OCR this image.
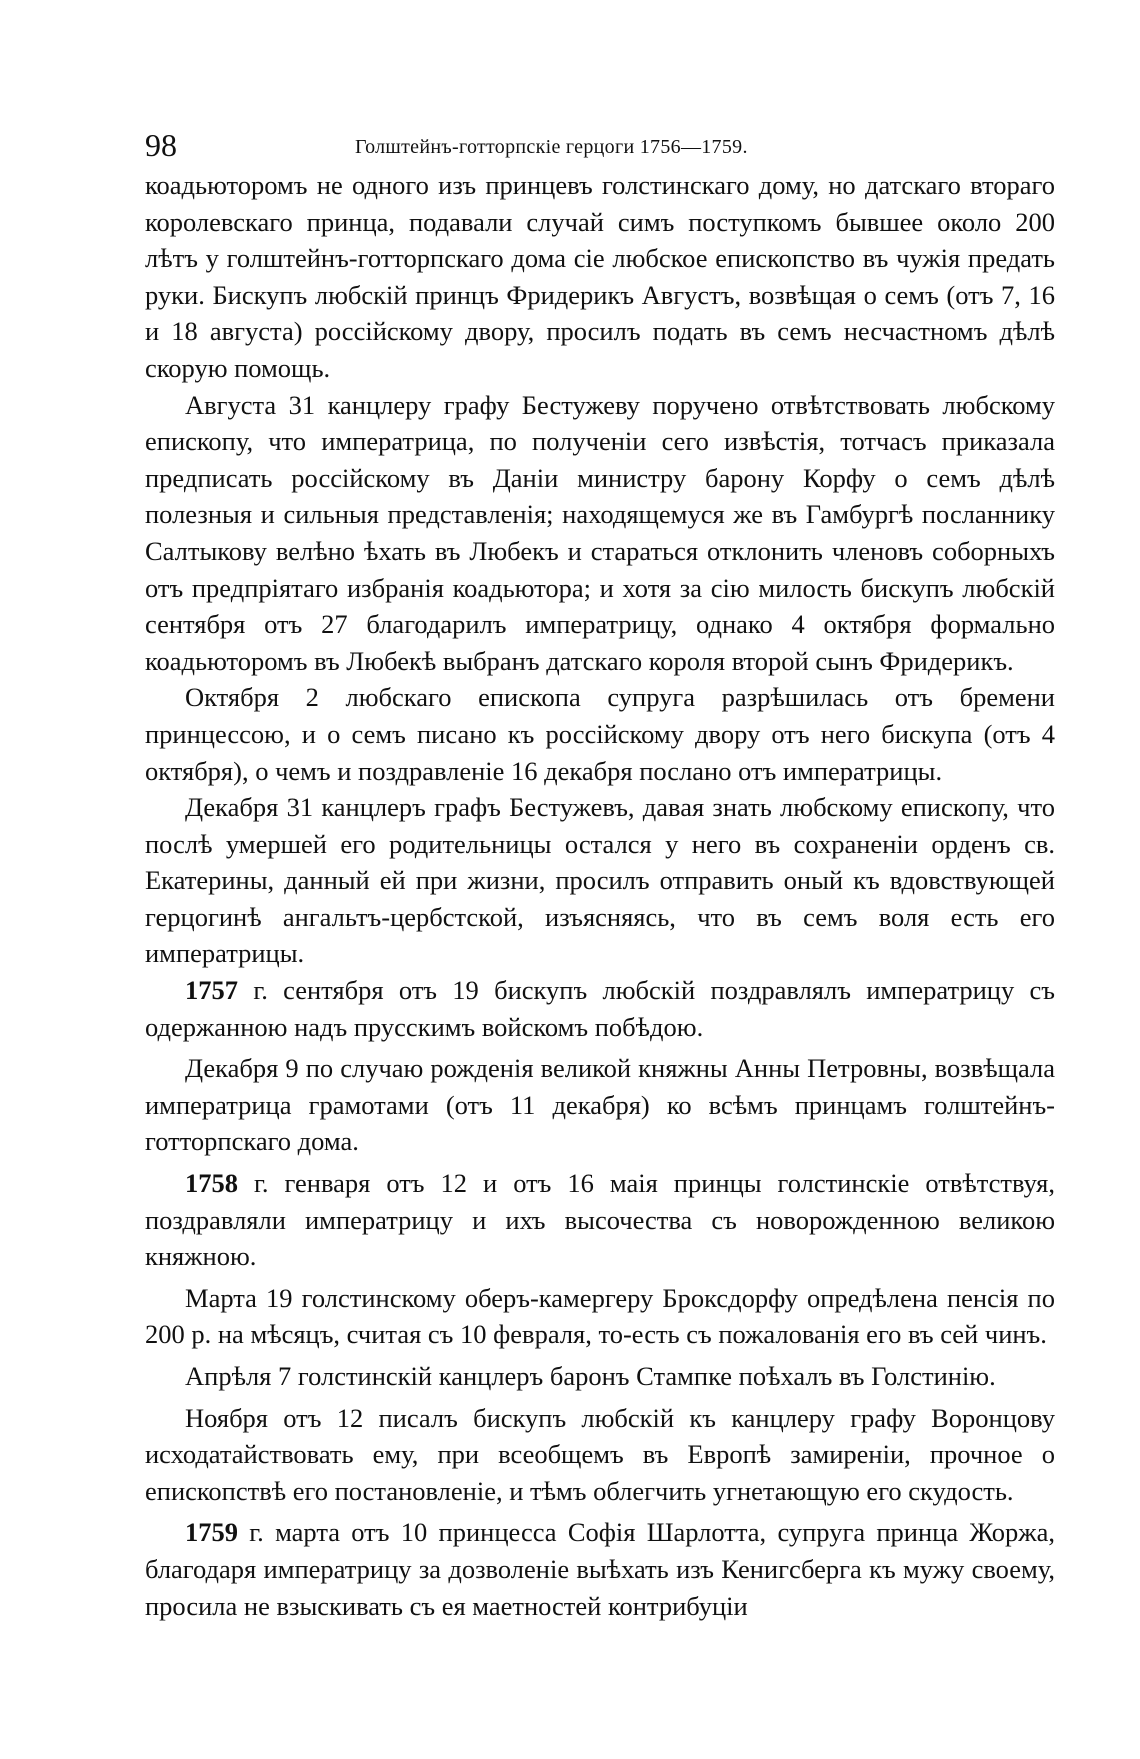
98	Голштейнъ-готторпскіе герцоги 1756—1759.

коадьюторомъ не одного изъ принцевъ голстинскаго дому, но датскаго втораго королевскаго принца, подавали случай симъ поступкомъ бывшее около 200 лѣтъ у голштейнъ-готторпскаго дома сіе любское епископство въ чужія предать руки. Бискупъ любскій принцъ Фридерикъ Августъ, возвѣщая о семъ (отъ 7, 16 и 18 августа) россійскому двору, просилъ подать въ семъ несчастномъ дѣлѣ скорую помощь.

Августа 31 канцлеру графу Бестужеву поручено отвѣтствовать любскому епископу, что императрица, по полученіи сего извѣстія, тотчасъ приказала предписать россійскому въ Даніи министру барону Корфу о семъ дѣлѣ полезныя и сильныя представленія; находящемуся же въ Гамбургѣ посланнику Салтыкову велѣно ѣхать въ Любекъ и стараться отклонить членовъ соборныхъ отъ предпріятаго избранія коадьютора; и хотя за сію милость бискупъ любскій сентября отъ 27 благодарилъ императрицу, однако 4 октября формально коадьюторомъ въ Любекѣ выбранъ датскаго короля второй сынъ Фридерикъ.

Октября 2 любскаго епископа супруга разрѣшилась отъ бремени принцессою, и о семъ писано къ россійскому двору отъ него бискупа (отъ 4 октября), о чемъ и поздравленіе 16 декабря послано отъ императрицы.

Декабря 31 канцлеръ графъ Бестужевъ, давая знать любскому епископу, что послѣ умершей его родительницы остался у него въ сохраненіи орденъ св. Екатерины, данный ей при жизни, просилъ отправить оный къ вдовствующей герцогинѣ ангальтъ-цербстской, изъясняясь, что въ семъ воля есть его императрицы.

1757 г. сентября отъ 19 бискупъ любскій поздравлялъ императрицу съ одержанною надъ прусскимъ войскомъ побѣдою.

Декабря 9 по случаю рожденія великой княжны Анны Петровны, возвѣщала императрица грамотами (отъ 11 декабря) ко всѣмъ принцамъ голштейнъ-готторпскаго дома.

1758 г. генваря отъ 12 и отъ 16 маія принцы голстинскіе отвѣтствуя, поздравляли императрицу и ихъ высочества съ новорожденною великою княжною.

Марта 19 голстинскому оберъ-камергеру Броксдорфу опредѣлена пенсія по 200 р. на мѣсяцъ, считая съ 10 февраля, то-есть съ пожалованія его въ сей чинъ.

Апрѣля 7 голстинскій канцлеръ баронъ Стампке поѣхалъ въ Голстинію.

Ноября отъ 12 писалъ бискупъ любскій къ канцлеру графу Воронцову исходатайствовать ему, при всеобщемъ въ Европѣ замиреніи, прочное о епископствѣ его постановленіе, и тѣмъ облегчить угнетающую его скудость.

1759 г. марта отъ 10 принцесса Софія Шарлотта, супруга принца Жоржа, благодаря императрицу за дозволеніе выѣхать изъ Кенигсберга къ мужу своему, просила не взыскивать съ ея маетностей контрибуціи
